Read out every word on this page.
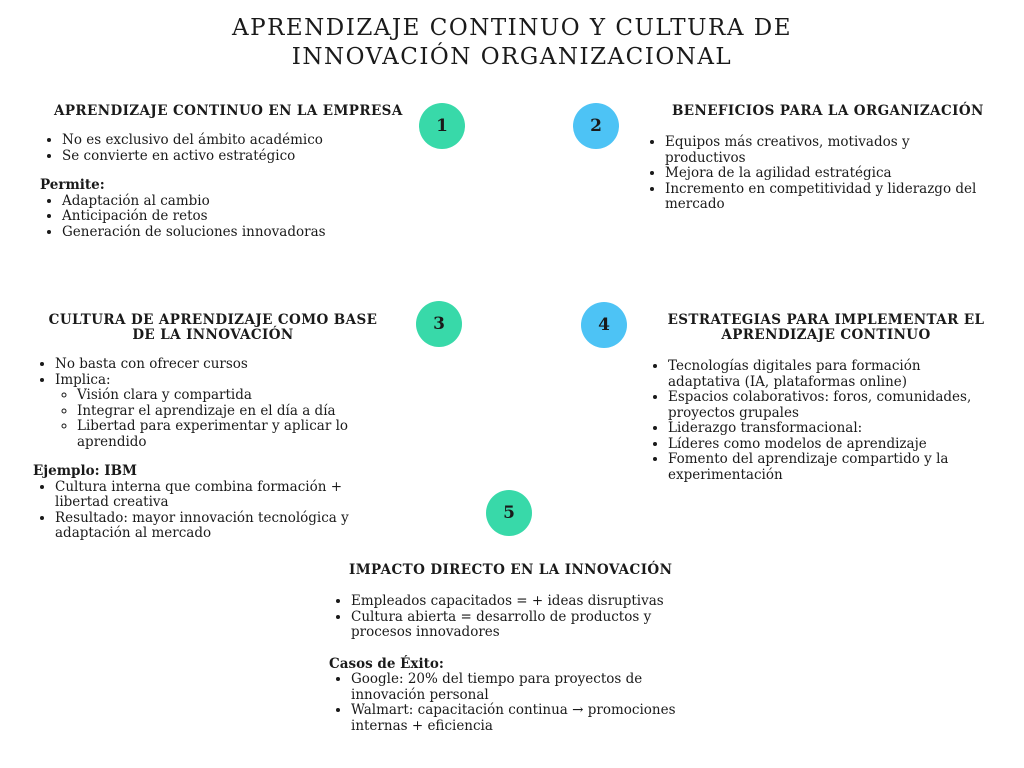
APRENDIZAJE CONTINUO Y CULTURA DE
INNOVACIÓN ORGANIZACIONAL
1	2
3	4
5
APRENDIZAJE CONTINUO EN LA EMPRESA
• No es exclusivo del ámbito académico
• Se convierte en activo estratégico

Permite:

• Adaptación al cambio
• Anticipación de retos
• Generación de soluciones innovadoras
BENEFICIOS PARA LA ORGANIZACIÓN
• Equipos más creativos, motivados y productivos
• Mejora de la agilidad estratégica
• Incremento en competitividad y liderazgo del mercado
CULTURA DE APRENDIZAJE COMO BASE DE LA INNOVACIÓN
• No basta con ofrecer cursos
• Implica:
◦ Visión clara y compartida
◦ Integrar el aprendizaje en el día a día
◦ Libertad para experimentar y aplicar lo aprendido

Ejemplo: IBM

• Cultura interna que combina formación + libertad creativa
• Resultado: mayor innovación tecnológica y adaptación al mercado
ESTRATEGIAS PARA IMPLEMENTAR EL APRENDIZAJE CONTINUO
• Tecnologías digitales para formación adaptativa (IA, plataformas online)
• Espacios colaborativos: foros, comunidades, proyectos grupales
• Liderazgo transformacional:
• Líderes como modelos de aprendizaje
• Fomento del aprendizaje compartido y la experimentación
IMPACTO DIRECTO EN LA INNOVACIÓN
• Empleados capacitados = + ideas disruptivas
• Cultura abierta = desarrollo de productos y procesos innovadores

Casos de Éxito:

• Google: 20% del tiempo para proyectos de innovación personal
• Walmart: capacitación continua → promociones internas + eficiencia
